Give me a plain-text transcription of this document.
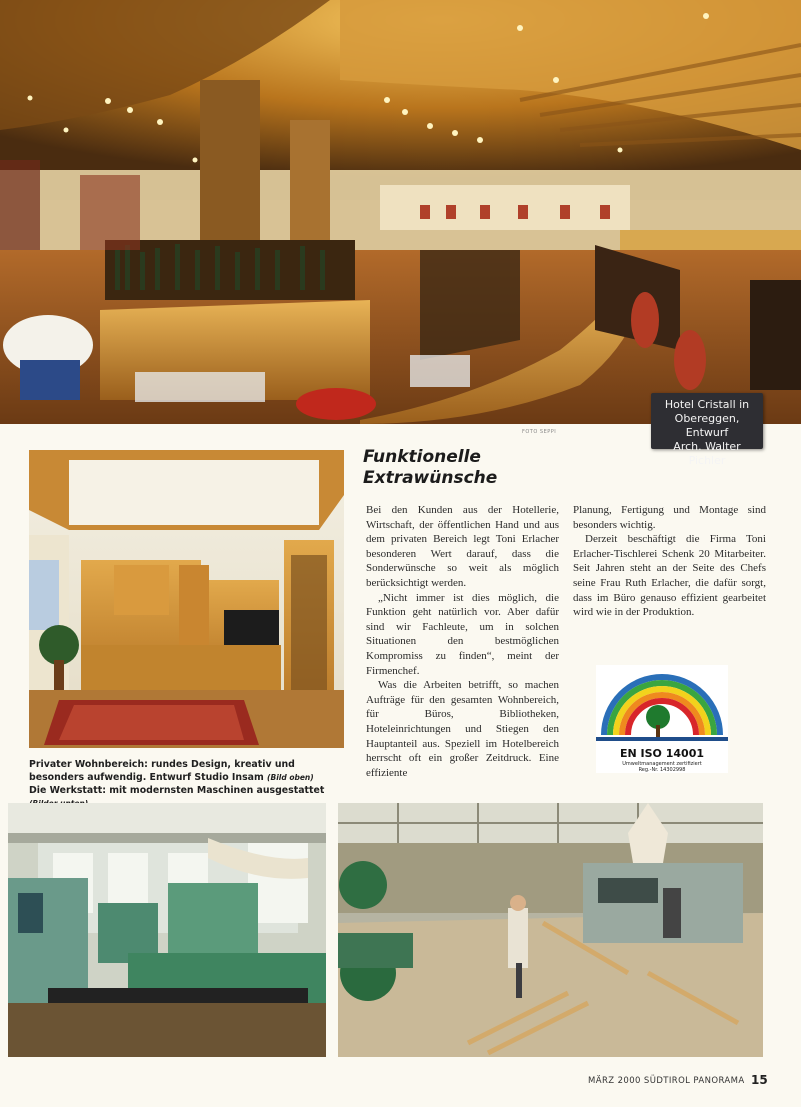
Hotel Cristall in
Obereggen, Entwurf
Arch. Walter Pichler
FOTO SEPPI
Funktionelle
Extrawünsche

Bei den Kunden aus der Hotellerie, Wirtschaft, der öffentlichen Hand und aus dem privaten Bereich legt Toni Erlacher besonderen Wert darauf, dass die Sonderwünsche so weit als möglich berücksichtigt werden.

„Nicht immer ist dies möglich, die Funktion geht natürlich vor. Aber dafür sind wir Fachleute, um in solchen Situationen den bestmöglichen Kompromiss zu finden“, meint der Firmenchef.

Was die Arbeiten betrifft, so machen Aufträge für den gesamten Wohnbereich, für Büros, Bibliotheken, Hoteleinrichtungen und Stiegen den Hauptanteil aus. Speziell im Hotelbereich herrscht oft ein großer Zeitdruck. Eine effiziente

Planung, Fertigung und Montage sind besonders wichtig.

Derzeit beschäftigt die Firma Toni Erlacher-Tischlerei Schenk 20 Mitarbeiter. Seit Jahren steht an der Seite des Chefs seine Frau Ruth Erlacher, die dafür sorgt, dass im Büro genauso effizient gearbeitet wird wie in der Produktion.

EN ISO 14001
Umweltmanagement zertifiziert
Reg.-Nr. 14302998
Privater Wohnbereich: rundes Design, kreativ und besonders aufwendig. Entwurf Studio Insam (Bild oben)
Die Werkstatt: mit modernsten Maschinen ausgestattet
MÄRZ 2000 SÜDTIROL PANORAMA 15
